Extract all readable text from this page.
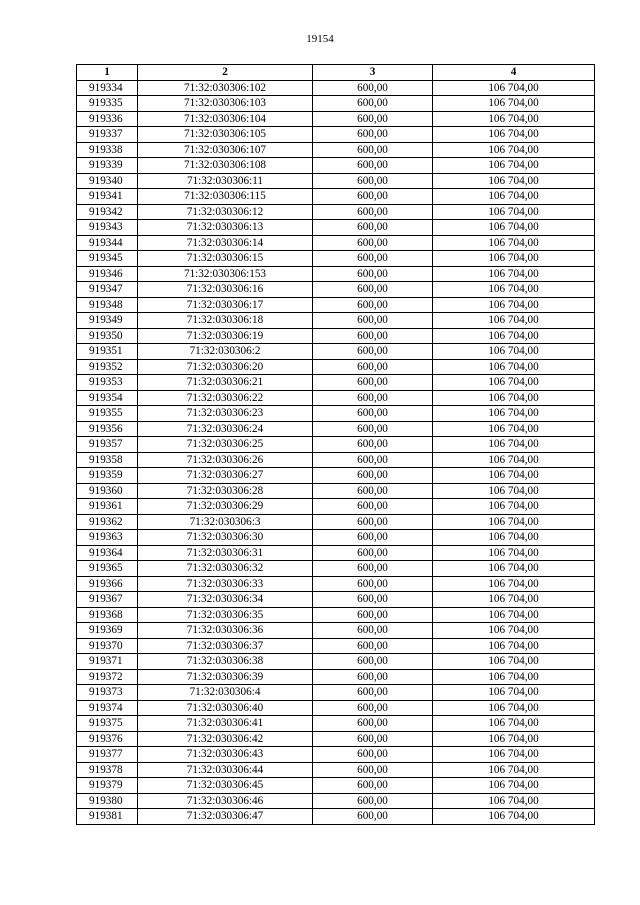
19154
1	2	3	4
919334	71:32:030306:102	600,00	106 704,00
919335	71:32:030306:103	600,00	106 704,00
919336	71:32:030306:104	600,00	106 704,00
919337	71:32:030306:105	600,00	106 704,00
919338	71:32:030306:107	600,00	106 704,00
919339	71:32:030306:108	600,00	106 704,00
919340	71:32:030306:11	600,00	106 704,00
919341	71:32:030306:115	600,00	106 704,00
919342	71:32:030306:12	600,00	106 704,00
919343	71:32:030306:13	600,00	106 704,00
919344	71:32:030306:14	600,00	106 704,00
919345	71:32:030306:15	600,00	106 704,00
919346	71:32:030306:153	600,00	106 704,00
919347	71:32:030306:16	600,00	106 704,00
919348	71:32:030306:17	600,00	106 704,00
919349	71:32:030306:18	600,00	106 704,00
919350	71:32:030306:19	600,00	106 704,00
919351	71:32:030306:2	600,00	106 704,00
919352	71:32:030306:20	600,00	106 704,00
919353	71:32:030306:21	600,00	106 704,00
919354	71:32:030306:22	600,00	106 704,00
919355	71:32:030306:23	600,00	106 704,00
919356	71:32:030306:24	600,00	106 704,00
919357	71:32:030306:25	600,00	106 704,00
919358	71:32:030306:26	600,00	106 704,00
919359	71:32:030306:27	600,00	106 704,00
919360	71:32:030306:28	600,00	106 704,00
919361	71:32:030306:29	600,00	106 704,00
919362	71:32:030306:3	600,00	106 704,00
919363	71:32:030306:30	600,00	106 704,00
919364	71:32:030306:31	600,00	106 704,00
919365	71:32:030306:32	600,00	106 704,00
919366	71:32:030306:33	600,00	106 704,00
919367	71:32:030306:34	600,00	106 704,00
919368	71:32:030306:35	600,00	106 704,00
919369	71:32:030306:36	600,00	106 704,00
919370	71:32:030306:37	600,00	106 704,00
919371	71:32:030306:38	600,00	106 704,00
919372	71:32:030306:39	600,00	106 704,00
919373	71:32:030306:4	600,00	106 704,00
919374	71:32:030306:40	600,00	106 704,00
919375	71:32:030306:41	600,00	106 704,00
919376	71:32:030306:42	600,00	106 704,00
919377	71:32:030306:43	600,00	106 704,00
919378	71:32:030306:44	600,00	106 704,00
919379	71:32:030306:45	600,00	106 704,00
919380	71:32:030306:46	600,00	106 704,00
919381	71:32:030306:47	600,00	106 704,00
